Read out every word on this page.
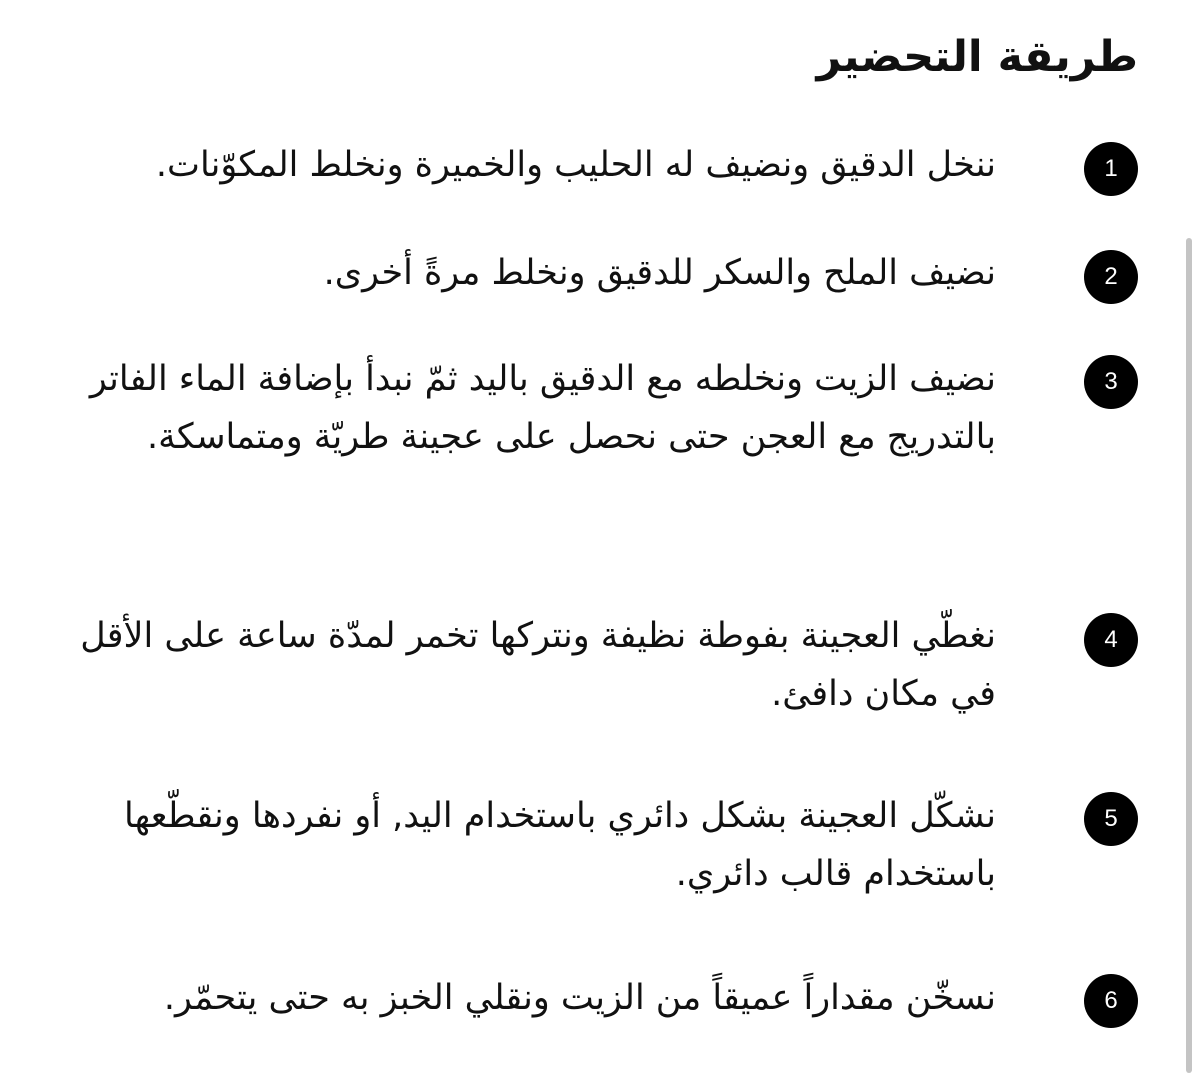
طريقة التحضير
1

ننخل الدقيق ونضيف له الحليب والخميرة ونخلط المكوّنات.

2

نضيف الملح والسكر للدقيق ونخلط مرةً أخرى.

3

نضيف الزيت ونخلطه مع الدقيق باليد ثمّ نبدأ بإضافة الماء الفاتر بالتدريج مع العجن حتى نحصل على عجينة طريّة ومتماسكة.

4

نغطّي العجينة بفوطة نظيفة ونتركها تخمر لمدّة ساعة على الأقل في مكان دافئ.

5

نشكّل العجينة بشكل دائري باستخدام اليد, أو نفردها ونقطّعها باستخدام قالب دائري.

6

نسخّن مقداراً عميقاً من الزيت ونقلي الخبز به حتى يتحمّر.
